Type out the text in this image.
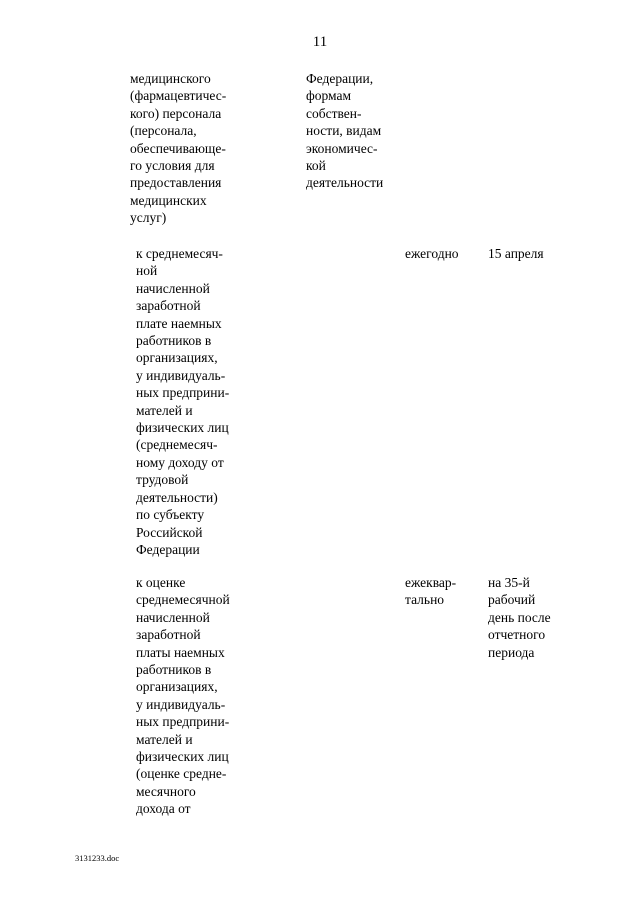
11
медицинского
(фармацевтичес-
кого) персонала
(персонала,
обеспечивающе-
го условия для
предоставления
медицинских
услуг)
Федерации,
формам
собствен-
ности, видам
экономичес-
кой
деятельности
к среднемесяч-
ной
начисленной
заработной
плате наемных
работников в
организациях,
у индивидуаль-
ных предприни-
мателей и
физических лиц
(среднемесяч-
ному доходу от
трудовой
деятельности)
по субъекту
Российской
Федерации
ежегодно 15 апреля
к оценке
среднемесячной
начисленной
заработной
платы наемных
работников в
организациях,
у индивидуаль-
ных предприни-
мателей и
физических лиц
(оценке средне-
месячного
дохода от
ежеквар-
тально
на 35-й
рабочий
день после
отчетного
периода
3131233.doc
